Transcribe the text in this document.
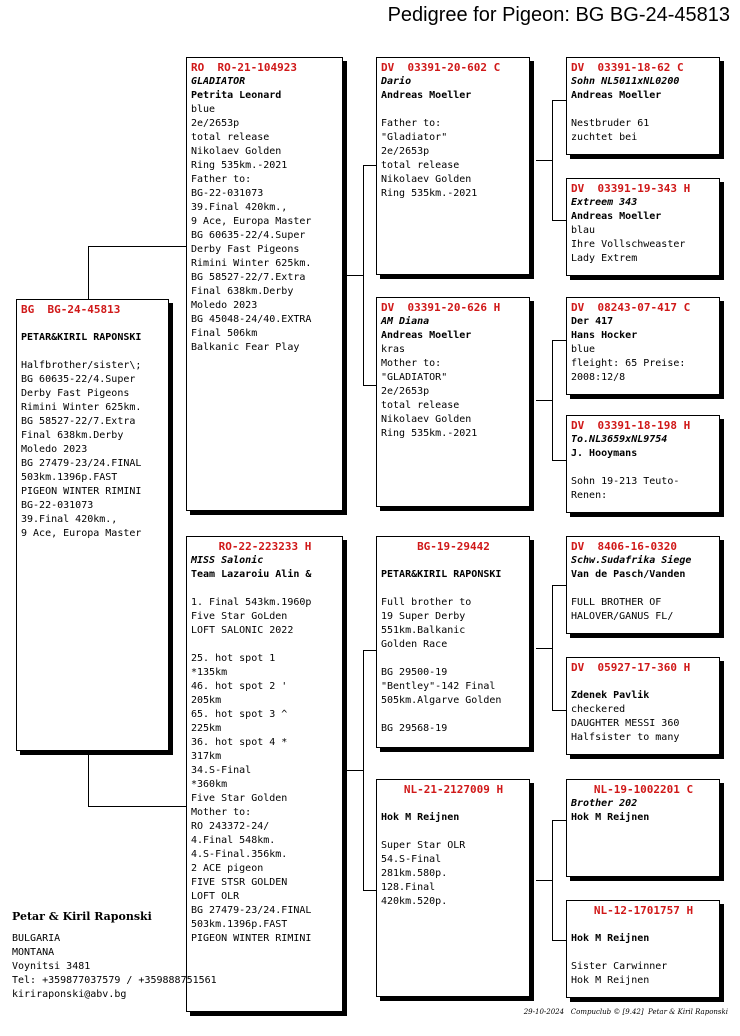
Pedigree for Pigeon: BG BG-24-45813
BG  BG-24-45813
PETAR&KIRIL RAPONSKI
Halfbrother/sister\;
BG 60635-22/4.Super
Derby Fast Pigeons
Rimini Winter 625km.
BG 58527-22/7.Extra
Final 638km.Derby
Moledo 2023
BG 27479-23/24.FINAL
503km.1396p.FAST
PIGEON WINTER RIMINI
BG-22-031073
39.Final 420km.,
9 Ace, Europa Master
RO  RO-21-104923
GLADIATOR
Petrita Leonard
blue
2e/2653p
total release
Nikolaev Golden
Ring 535km.-2021
Father to:
BG-22-031073
39.Final 420km.,
9 Ace, Europa Master
BG 60635-22/4.Super
Derby Fast Pigeons
Rimini Winter 625km.
BG 58527-22/7.Extra
Final 638km.Derby
Moledo 2023
BG 45048-24/40.EXTRA
Final 506km
Balkanic Fear Play
RO-22-223233 H
MISS Salonic
Team Lazaroiu Alin &
1. Final 543km.1960p
Five Star GoLden
LOFT SALONIC 2022
25. hot spot 1
*135km
46. hot spot 2 '
205km
65. hot spot 3 ^
225km
36. hot spot 4 *
317km
34.S-Final
*360km
Five Star Golden
Mother to:
RO 243372-24/
4.Final 548km.
4.S-Final.356km.
2 ACE pigeon
FIVE STSR GOLDEN
LOFT OLR
BG 27479-23/24.FINAL
503km.1396p.FAST
PIGEON WINTER RIMINI
DV  03391-20-602 C
Dario
Andreas Moeller
Father to:
"Gladiator"
2e/2653p
total release
Nikolaev Golden
Ring 535km.-2021
DV  03391-20-626 H
AM Diana
Andreas Moeller
kras
Mother to:
"GLADIATOR"
2e/2653p
total release
Nikolaev Golden
Ring 535km.-2021
BG-19-29442
PETAR&KIRIL RAPONSKI
Full brother to
19 Super Derby
551km.Balkanic
Golden Race
BG 29500-19
"Bentley"-142 Final
505km.Algarve Golden
BG 29568-19
NL-21-2127009 H
Hok M Reijnen
Super Star OLR
54.S-Final
281km.580p.
128.Final
420km.520p.
DV  03391-18-62 C
Sohn NL5011xNL0200
Andreas Moeller
Nestbruder 61
zuchtet bei
DV  03391-19-343 H
Extreem 343
Andreas Moeller
blau
Ihre Vollschweaster
Lady Extrem
DV  08243-07-417 C
Der 417
Hans Hocker
blue
fleight: 65 Preise:
2008:12/8
DV  03391-18-198 H
To.NL3659xNL9754
J. Hooymans
Sohn 19-213 Teuto-
Renen:
DV  8406-16-0320
Schw.Sudafrika Siege
Van de Pasch/Vanden
FULL BROTHER OF
HALOVER/GANUS FL/
DV  05927-17-360 H
Zdenek Pavlik
checkered
DAUGHTER MESSI 360
Halfsister to many
NL-19-1002201 C
Brother 202
Hok M Reijnen
NL-12-1701757 H
Hok M Reijnen
Sister Carwinner
Hok M Reijnen
Petar & Kiril Raponski
BULGARIA
MONTANA
Voynitsi 3481
Tel: +359877037579 / +359888751561
kiriraponski@abv.bg
29-10-2024   Compuclub © [9.42]  Petar & Kiril Raponski
